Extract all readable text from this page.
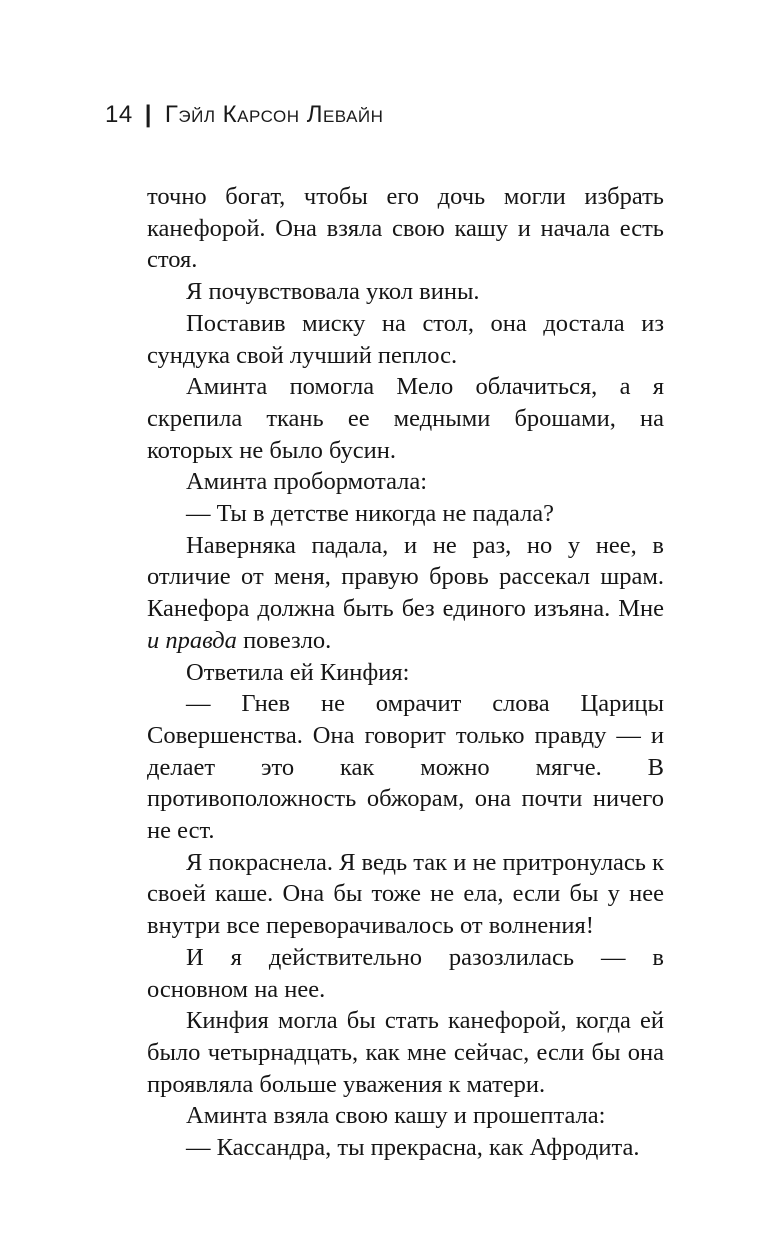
14 | Гэйл Карсон Левайн

точно богат, чтобы его дочь могли избрать канефорой. Она взяла свою кашу и начала есть стоя.

Я почувствовала укол вины.

Поставив миску на стол, она достала из сундука свой лучший пеплос.

Аминта помогла Мело облачиться, а я скрепила ткань ее медными брошами, на которых не было бусин.

Аминта пробормотала:

— Ты в детстве никогда не падала?

Наверняка падала, и не раз, но у нее, в отличие от меня, правую бровь рассекал шрам. Канефора должна быть без единого изъяна. Мне и правда повезло.

Ответила ей Кинфия:

— Гнев не омрачит слова Царицы Совершенства. Она говорит только правду — и делает это как можно мягче. В противоположность обжорам, она почти ничего не ест.

Я покраснела. Я ведь так и не притронулась к своей каше. Она бы тоже не ела, если бы у нее внутри все переворачивалось от волнения!

И я действительно разозлилась — в основном на нее.

Кинфия могла бы стать канефорой, когда ей было четырнадцать, как мне сейчас, если бы она проявляла больше уважения к матери.

Аминта взяла свою кашу и прошептала:

— Кассандра, ты прекрасна, как Афродита.
